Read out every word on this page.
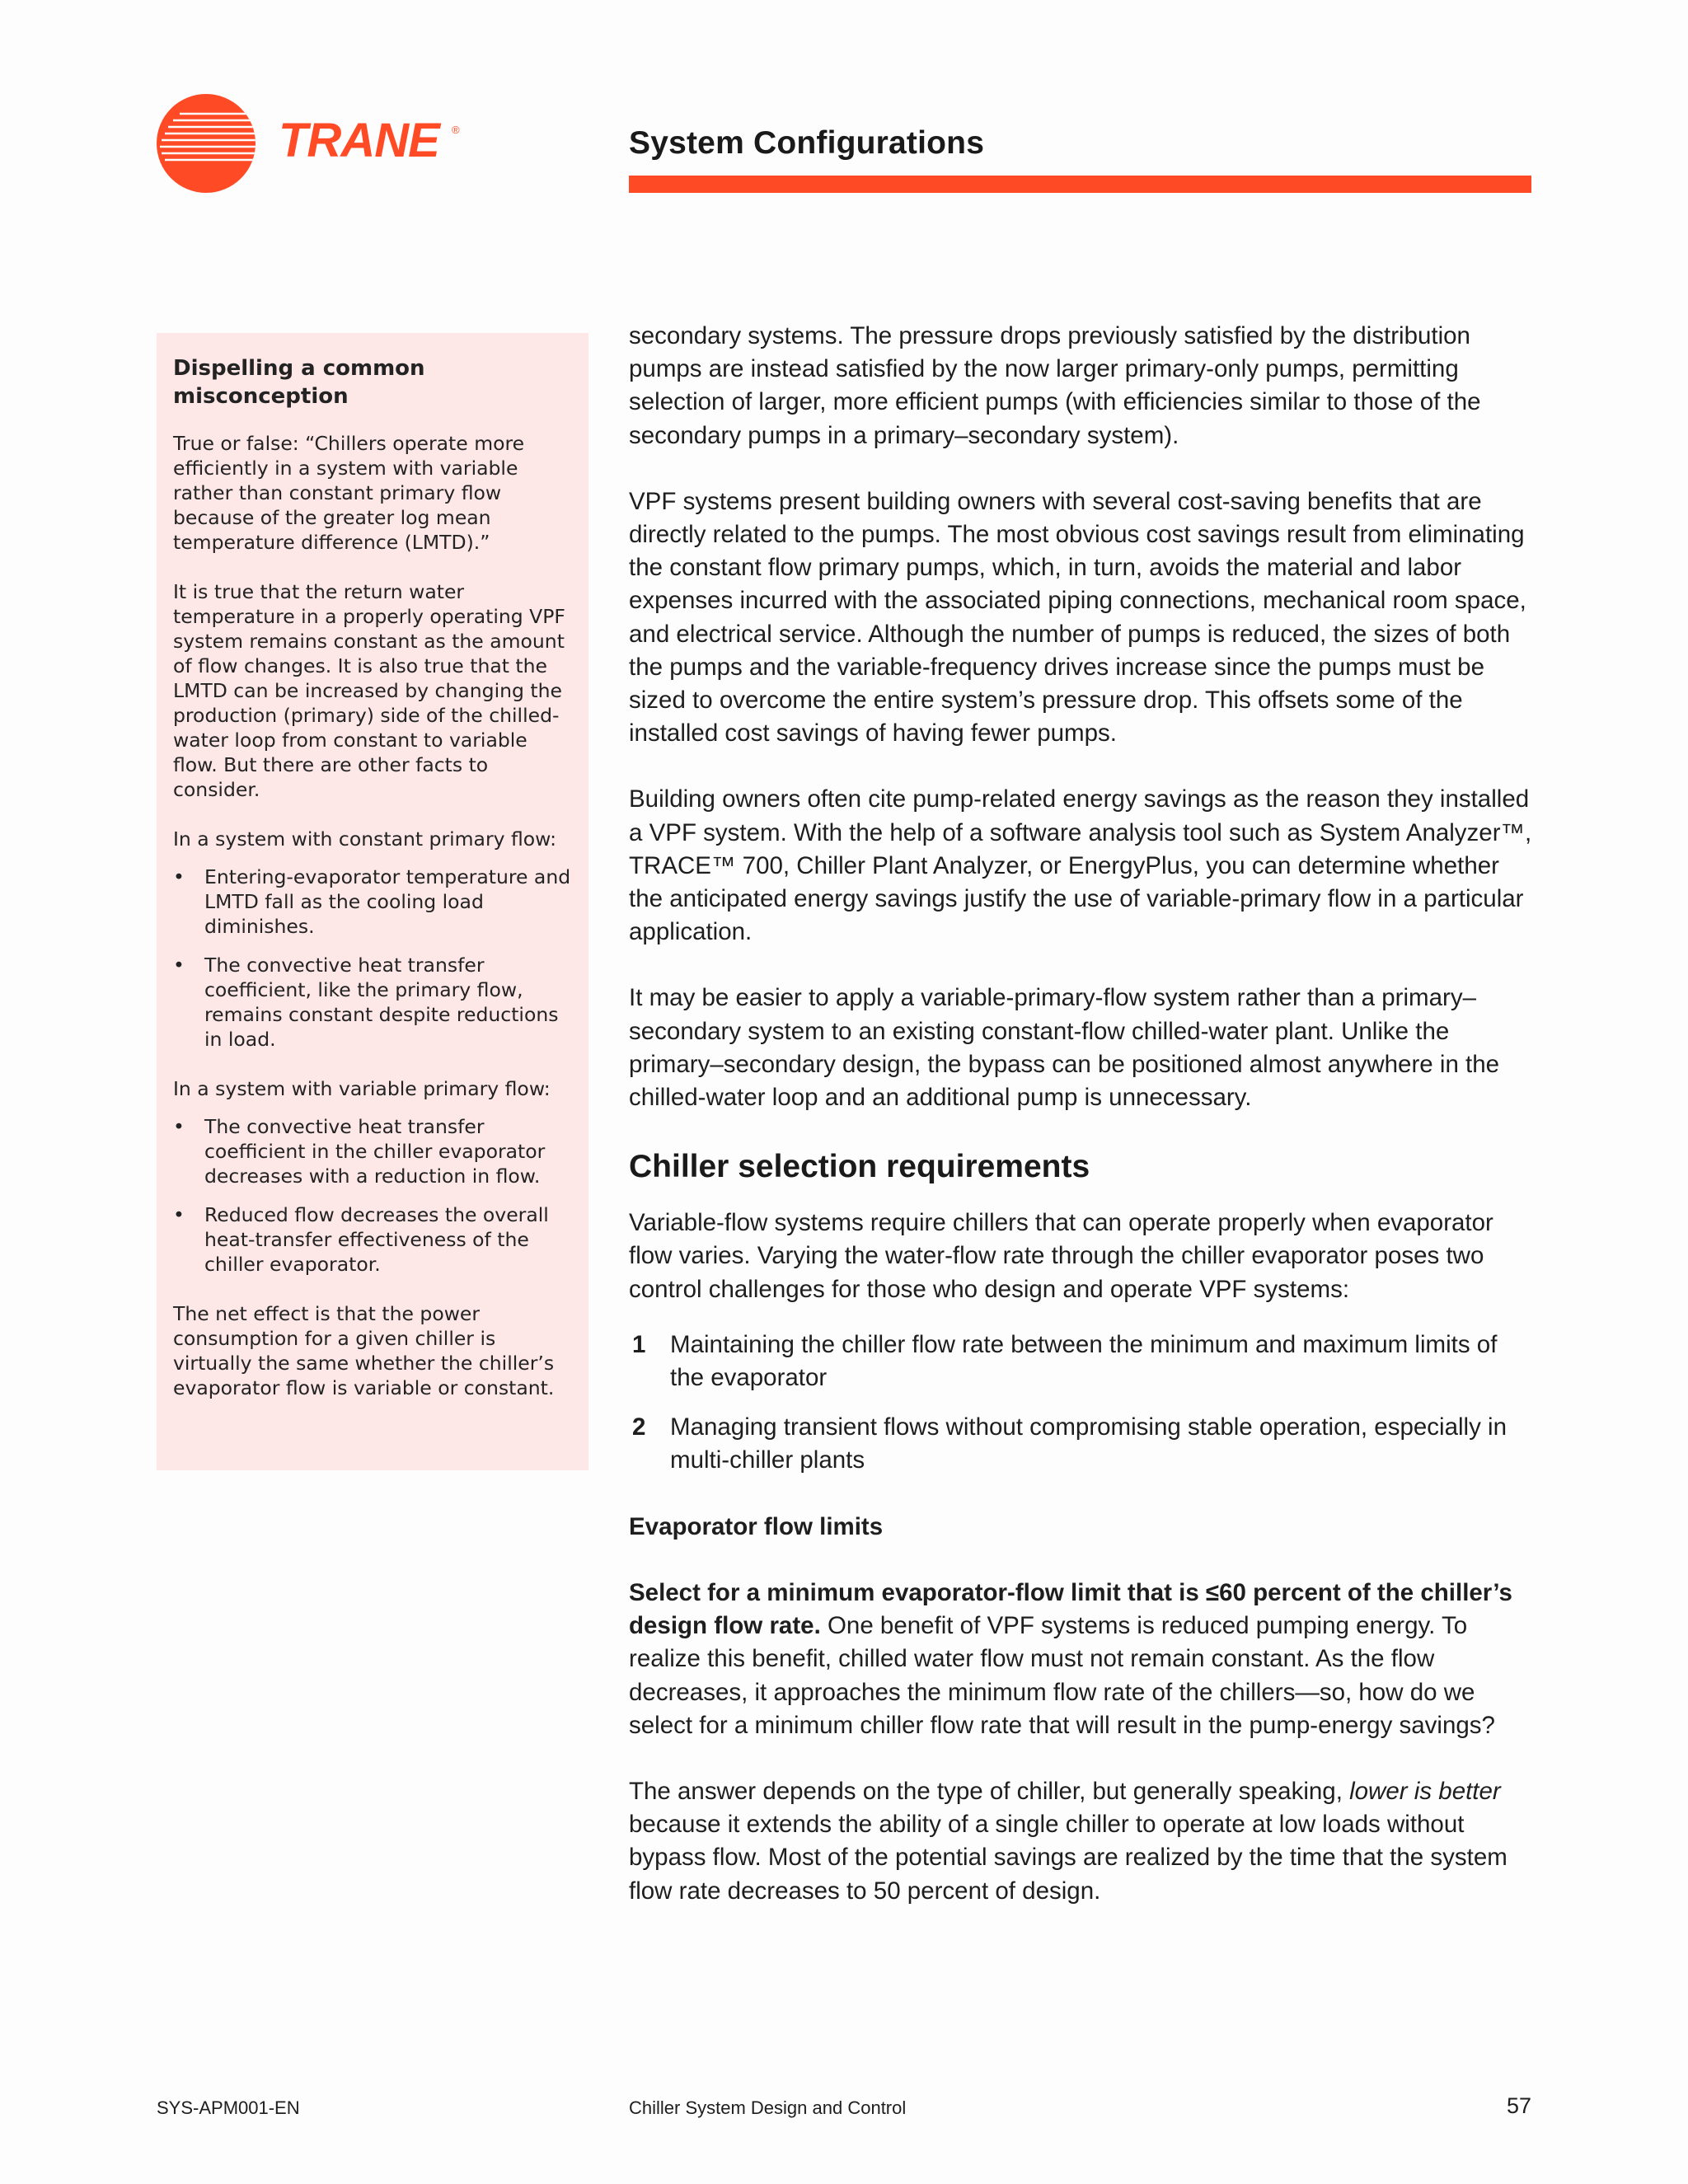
TRANE ®	System Configurations
Dispelling a common misconception

True or false: “Chillers operate more efficiently in a system with variable rather than constant primary flow because of the greater log mean temperature difference (LMTD).”

It is true that the return water temperature in a properly operating VPF system remains constant as the amount of flow changes. It is also true that the LMTD can be increased by changing the production (primary) side of the chilled-water loop from constant to variable flow. But there are other facts to consider.

In a system with constant primary flow:

• Entering-evaporator temperature and LMTD fall as the cooling load diminishes.
• The convective heat transfer coefficient, like the primary flow, remains constant despite reductions in load.

In a system with variable primary flow:

• The convective heat transfer coefficient in the chiller evaporator decreases with a reduction in flow.
• Reduced flow decreases the overall heat-transfer effectiveness of the chiller evaporator.

The net effect is that the power consumption for a given chiller is virtually the same whether the chiller’s evaporator flow is variable or constant.

secondary systems. The pressure drops previously satisfied by the distribution pumps are instead satisfied by the now larger primary-only pumps, permitting selection of larger, more efficient pumps (with efficiencies similar to those of the secondary pumps in a primary–secondary system).

VPF systems present building owners with several cost-saving benefits that are directly related to the pumps. The most obvious cost savings result from eliminating the constant flow primary pumps, which, in turn, avoids the material and labor expenses incurred with the associated piping connections, mechanical room space, and electrical service. Although the number of pumps is reduced, the sizes of both the pumps and the variable-frequency drives increase since the pumps must be sized to overcome the entire system’s pressure drop. This offsets some of the installed cost savings of having fewer pumps.

Building owners often cite pump-related energy savings as the reason they installed a VPF system. With the help of a software analysis tool such as System Analyzer™, TRACE™ 700, Chiller Plant Analyzer, or EnergyPlus, you can determine whether the anticipated energy savings justify the use of variable-primary flow in a particular application.

It may be easier to apply a variable-primary-flow system rather than a primary–secondary system to an existing constant-flow chilled-water plant. Unlike the primary–secondary design, the bypass can be positioned almost anywhere in the chilled-water loop and an additional pump is unnecessary.

Chiller selection requirements

Variable-flow systems require chillers that can operate properly when evaporator flow varies. Varying the water-flow rate through the chiller evaporator poses two control challenges for those who design and operate VPF systems:

1 Maintaining the chiller flow rate between the minimum and maximum limits of the evaporator
2 Managing transient flows without compromising stable operation, especially in multi-chiller plants
Evaporator flow limits

Select for a minimum evaporator-flow limit that is ≤60 percent of the chiller’s design flow rate. One benefit of VPF systems is reduced pumping energy. To realize this benefit, chilled water flow must not remain constant. As the flow decreases, it approaches the minimum flow rate of the chillers—so, how do we select for a minimum chiller flow rate that will result in the pump-energy savings?

The answer depends on the type of chiller, but generally speaking, lower is better because it extends the ability of a single chiller to operate at low loads without bypass flow. Most of the potential savings are realized by the time that the system flow rate decreases to 50 percent of design.

SYS-APM001-EN	Chiller System Design and Control	57
